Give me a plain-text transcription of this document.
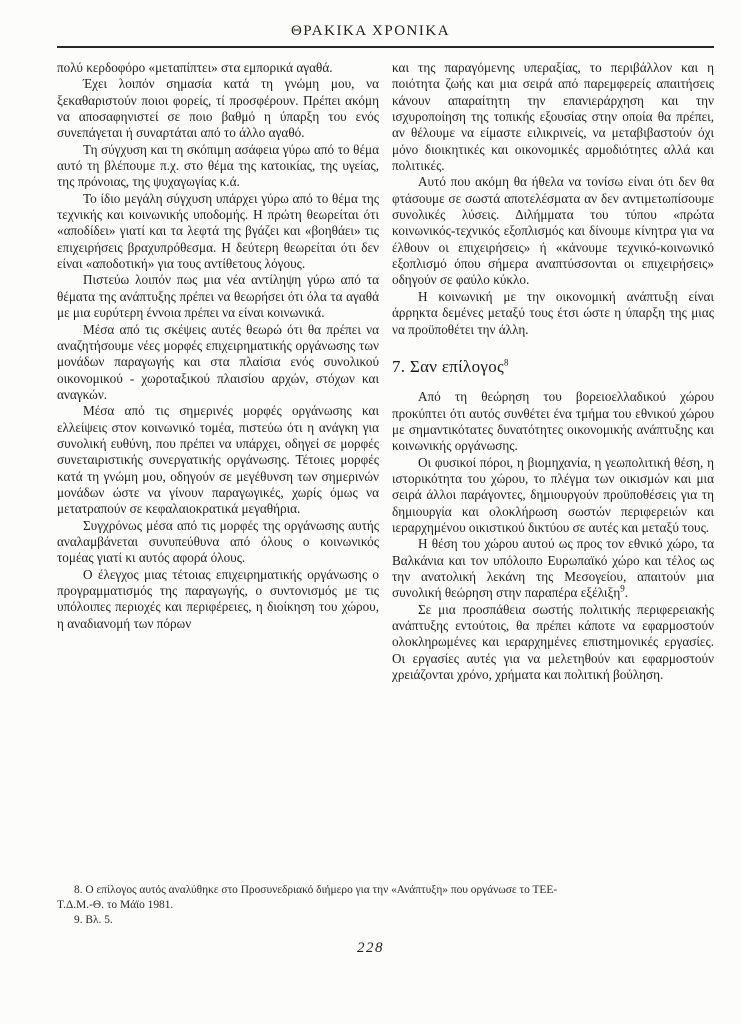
ΘΡΑΚΙΚΑ ΧΡΟΝΙΚΑ

πολύ κερδοφόρο «μεταπίπτει» στα εμπορικά αγαθά.

Έχει λοιπόν σημασία κατά τη γνώμη μου, να ξεκαθαριστούν ποιοι φορείς, τί προσφέρουν. Πρέπει ακόμη να αποσαφηνιστεί σε ποιο βαθμό η ύπαρξη του ενός συνεπάγεται ή συναρτάται από το άλλο αγαθό.

Τη σύγχυση και τη σκόπιμη ασάφεια γύρω από το θέμα αυτό τη βλέπουμε π.χ. στο θέμα της κατοικίας, της υγείας, της πρόνοιας, της ψυχαγωγίας κ.ά.

Το ίδιο μεγάλη σύγχυση υπάρχει γύρω από το θέμα της τεχνικής και κοινωνικής υποδομής. Η πρώτη θεωρείται ότι «αποδίδει» γιατί και τα λεφτά της βγάζει και «βοηθάει» τις επιχειρήσεις βραχυπρόθεσμα. Η δεύτερη θεωρείται ότι δεν είναι «αποδοτική» για τους αντίθετους λόγους.

Πιστεύω λοιπόν πως μια νέα αντίληψη γύρω από τα θέματα της ανάπτυξης πρέπει να θεωρήσει ότι όλα τα αγαθά με μια ευρύτερη έννοια πρέπει να είναι κοινωνικά.

Μέσα από τις σκέψεις αυτές θεωρώ ότι θα πρέπει να αναζητήσουμε νέες μορφές επιχειρηματικής οργάνωσης των μονάδων παραγωγής και στα πλαίσια ενός συνολικού οικονομικού - χωροταξικού πλαισίου αρχών, στόχων και αναγκών.

Μέσα από τις σημερινές μορφές οργάνωσης και ελλείψεις στον κοινωνικό τομέα, πιστεύω ότι η ανάγκη για συνολική ευθύνη, που πρέπει να υπάρχει, οδηγεί σε μορφές συνεταιριστικής συνεργατικής οργάνωσης. Τέτοιες μορφές κατά τη γνώμη μου, οδηγούν σε μεγέθυνση των σημερινών μονάδων ώστε να γίνουν παραγωγικές, χωρίς όμως να μετατραπούν σε κεφαλαιοκρατικά μεγαθήρια.

Συγχρόνως μέσα από τις μορφές της οργάνωσης αυτής αναλαμβάνεται συνυπεύθυνα από όλους ο κοινωνικός τομέας γιατί κι αυτός αφορά όλους.

Ο έλεγχος μιας τέτοιας επιχειρηματικής οργάνωσης ο προγραμματισμός της παραγωγής, ο συντονισμός με τις υπόλοιπες περιοχές και περιφέρειες, η διοίκηση του χώρου, η αναδιανομή των πόρων

και της παραγόμενης υπεραξίας, το περιβάλλον και η ποιότητα ζωής και μια σειρά από παρεμφερείς απαιτήσεις κάνουν απαραίτητη την επανιεράρχηση και την ισχυροποίηση της τοπικής εξουσίας στην οποία θα πρέπει, αν θέλουμε να είμαστε ειλικρινείς, να μεταβιβαστούν όχι μόνο διοικητικές και οικονομικές αρμοδιότητες αλλά και πολιτικές.

Αυτό που ακόμη θα ήθελα να τονίσω είναι ότι δεν θα φτάσουμε σε σωστά αποτελέσματα αν δεν αντιμετωπίσουμε συνολικές λύσεις. Διλήμματα του τύπου «πρώτα κοινωνικός-τεχνικός εξοπλισμός και δίνουμε κίνητρα για να έλθουν οι επιχειρήσεις» ή «κάνουμε τεχνικό-κοινωνικό εξοπλισμό όπου σήμερα αναπτύσσονται οι επιχειρήσεις» οδηγούν σε φαύλο κύκλο.

Η κοινωνική με την οικονομική ανάπτυξη είναι άρρηκτα δεμένες μεταξύ τους έτσι ώστε η ύπαρξη της μιας να προϋποθέτει την άλλη.

7. Σαν επίλογος$^8$

Από τη θεώρηση του βορειοελλαδικού χώρου προκύπτει ότι αυτός συνθέτει ένα τμήμα του εθνικού χώρου με σημαντικότατες δυνατότητες οικονομικής ανάπτυξης και κοινωνικής οργάνωσης.

Οι φυσικοί πόροι, η βιομηχανία, η γεωπολιτική θέση, η ιστορικότητα του χώρου, το πλέγμα των οικισμών και μια σειρά άλλοι παράγοντες, δημιουργούν προϋποθέσεις για τη δημιουργία και ολοκλήρωση σωστών περιφερειών και ιεραρχημένου οικιστικού δικτύου σε αυτές και μεταξύ τους.

Η θέση του χώρου αυτού ως προς τον εθνικό χώρο, τα Βαλκάνια και τον υπόλοιπο Ευρωπαϊκό χώρο και τέλος ως την ανατολική λεκάνη της Μεσογείου, απαιτούν μια συνολική θεώρηση στην παραπέρα εξέλιξη$^9$.

Σε μια προσπάθεια σωστής πολιτικής περιφερειακής ανάπτυξης εντούτοις, θα πρέπει κάποτε να εφαρμοστούν ολοκληρωμένες και ιεραρχημένες επιστημονικές εργασίες. Οι εργασίες αυτές για να μελετηθούν και εφαρμοστούν χρειάζονται χρόνο, χρήματα και πολιτική βούληση.

8. Ο επίλογος αυτός αναλύθηκε στο Προσυνεδριακό διήμερο για την «Ανάπτυξη» που οργάνωσε το ΤΕΕ-Τ.Δ.Μ.-Θ. το Μάϊο 1981.

9. Βλ. 5.

228
